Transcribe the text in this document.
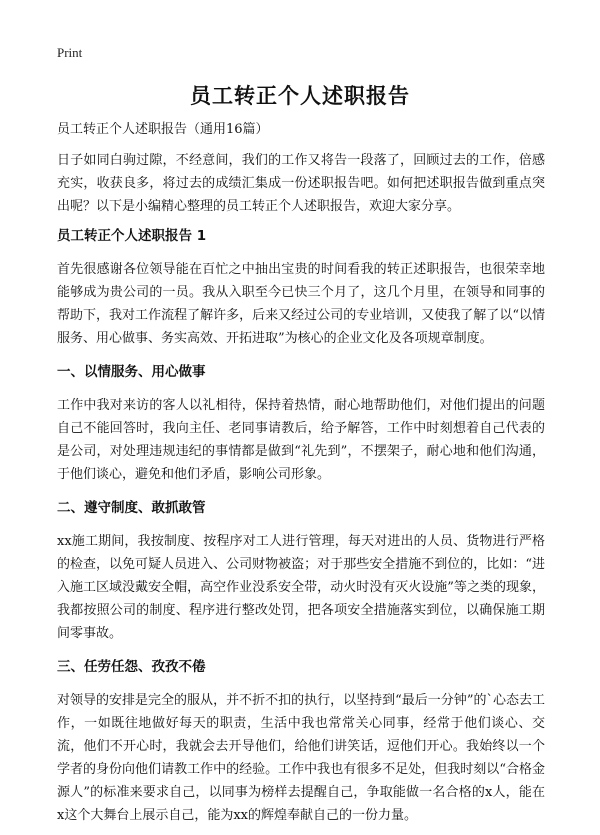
Print
员工转正个人述职报告

员工转正个人述职报告（通用16篇）

日子如同白驹过隙，不经意间，我们的工作又将告一段落了，回顾过去的工作，倍感充实，收获良多，将过去的成绩汇集成一份述职报告吧。如何把述职报告做到重点突出呢？以下是小编精心整理的员工转正个人述职报告，欢迎大家分享。

员工转正个人述职报告 1

首先很感谢各位领导能在百忙之中抽出宝贵的时间看我的转正述职报告，也很荣幸地能够成为贵公司的一员。我从入职至今已快三个月了，这几个月里，在领导和同事的帮助下，我对工作流程了解许多，后来又经过公司的专业培训，又使我了解了以“以情服务、用心做事、务实高效、开拓进取”为核心的企业文化及各项规章制度。

一、以情服务、用心做事

工作中我对来访的客人以礼相待，保持着热情，耐心地帮助他们，对他们提出的问题自己不能回答时，我向主任、老同事请教后，给予解答，工作中时刻想着自己代表的是公司，对处理违规违纪的事情都是做到“礼先到”，不摆架子，耐心地和他们沟通，于他们谈心，避免和他们矛盾，影响公司形象。

二、遵守制度、敢抓敢管

xx施工期间，我按制度、按程序对工人进行管理，每天对进出的人员、货物进行严格的检查，以免可疑人员进入、公司财物被盗；对于那些安全措施不到位的，比如：“进入施工区域没戴安全帽，高空作业没系安全带，动火时没有灭火设施”等之类的现象，我都按照公司的制度、程序进行整改处罚，把各项安全措施落实到位，以确保施工期间零事故。

三、任劳任怨、孜孜不倦

对领导的安排是完全的服从，并不折不扣的执行，以坚持到“最后一分钟”的`心态去工作，一如既往地做好每天的职责，生活中我也常常关心同事，经常于他们谈心、交流，他们不开心时，我就会去开导他们，给他们讲笑话，逗他们开心。我始终以一个学者的身份向他们请教工作中的经验。工作中我也有很多不足处，但我时刻以“合格金源人”的标准来要求自己，以同事为榜样去提醒自己，争取能做一名合格的x人，能在x这个大舞台上展示自己，能为xx的辉煌奉献自己的一份力量。
